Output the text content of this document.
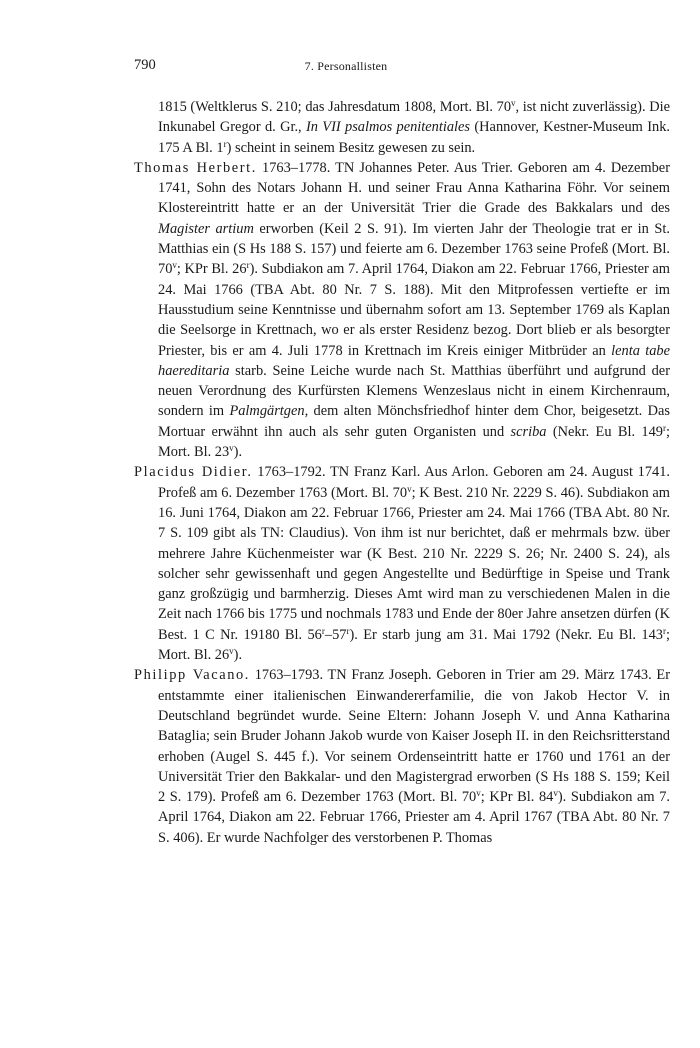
790	7. Personallisten

1815 (Weltklerus S. 210; das Jahresdatum 1808, Mort. Bl. 70$^v$, ist nicht zuverlässig). Die Inkunabel Gregor d. Gr., In VII psalmos penitentiales (Hannover, Kestner-Museum Ink. 175 A Bl. 1$^r$) scheint in seinem Besitz gewesen zu sein.

Thomas Herbert. 1763–1778. TN Johannes Peter. Aus Trier. Geboren am 4. Dezember 1741, Sohn des Notars Johann H. und seiner Frau Anna Katharina Föhr. Vor seinem Klostereintritt hatte er an der Universität Trier die Grade des Bakkalars und des Magister artium erworben (Keil 2 S. 91). Im vierten Jahr der Theologie trat er in St. Matthias ein (S Hs 188 S. 157) und feierte am 6. Dezember 1763 seine Profeß (Mort. Bl. 70$^v$; KPr Bl. 26$^r$). Subdiakon am 7. April 1764, Diakon am 22. Februar 1766, Priester am 24. Mai 1766 (TBA Abt. 80 Nr. 7 S. 188). Mit den Mitprofessen vertiefte er im Hausstudium seine Kenntnisse und übernahm sofort am 13. September 1769 als Kaplan die Seelsorge in Krettnach, wo er als erster Residenz bezog. Dort blieb er als besorgter Priester, bis er am 4. Juli 1778 in Krettnach im Kreis einiger Mitbrüder an lenta tabe haereditaria starb. Seine Leiche wurde nach St. Matthias überführt und aufgrund der neuen Verordnung des Kurfürsten Klemens Wenzeslaus nicht in einem Kirchenraum, sondern im Palmgärtgen, dem alten Mönchsfriedhof hinter dem Chor, beigesetzt. Das Mortuar erwähnt ihn auch als sehr guten Organisten und scriba (Nekr. Eu Bl. 149$^r$; Mort. Bl. 23$^v$).

Placidus Didier. 1763–1792. TN Franz Karl. Aus Arlon. Geboren am 24. August 1741. Profeß am 6. Dezember 1763 (Mort. Bl. 70$^v$; K Best. 210 Nr. 2229 S. 46). Subdiakon am 16. Juni 1764, Diakon am 22. Februar 1766, Priester am 24. Mai 1766 (TBA Abt. 80 Nr. 7 S. 109 gibt als TN: Claudius). Von ihm ist nur berichtet, daß er mehrmals bzw. über mehrere Jahre Küchenmeister war (K Best. 210 Nr. 2229 S. 26; Nr. 2400 S. 24), als solcher sehr gewissenhaft und gegen Angestellte und Bedürftige in Speise und Trank ganz großzügig und barmherzig. Dieses Amt wird man zu verschiedenen Malen in die Zeit nach 1766 bis 1775 und nochmals 1783 und Ende der 80er Jahre ansetzen dürfen (K Best. 1 C Nr. 19180 Bl. 56$^r$–57$^r$). Er starb jung am 31. Mai 1792 (Nekr. Eu Bl. 143$^r$; Mort. Bl. 26$^v$).

Philipp Vacano. 1763–1793. TN Franz Joseph. Geboren in Trier am 29. März 1743. Er entstammte einer italienischen Einwandererfamilie, die von Jakob Hector V. in Deutschland begründet wurde. Seine Eltern: Johann Joseph V. und Anna Katharina Bataglia; sein Bruder Johann Jakob wurde von Kaiser Joseph II. in den Reichsritterstand erhoben (Augel S. 445 f.). Vor seinem Ordenseintritt hatte er 1760 und 1761 an der Universität Trier den Bakkalar- und den Magistergrad erworben (S Hs 188 S. 159; Keil 2 S. 179). Profeß am 6. Dezember 1763 (Mort. Bl. 70$^v$; KPr Bl. 84$^v$). Subdiakon am 7. April 1764, Diakon am 22. Februar 1766, Priester am 4. April 1767 (TBA Abt. 80 Nr. 7 S. 406). Er wurde Nachfolger des verstorbenen P. Thomas
